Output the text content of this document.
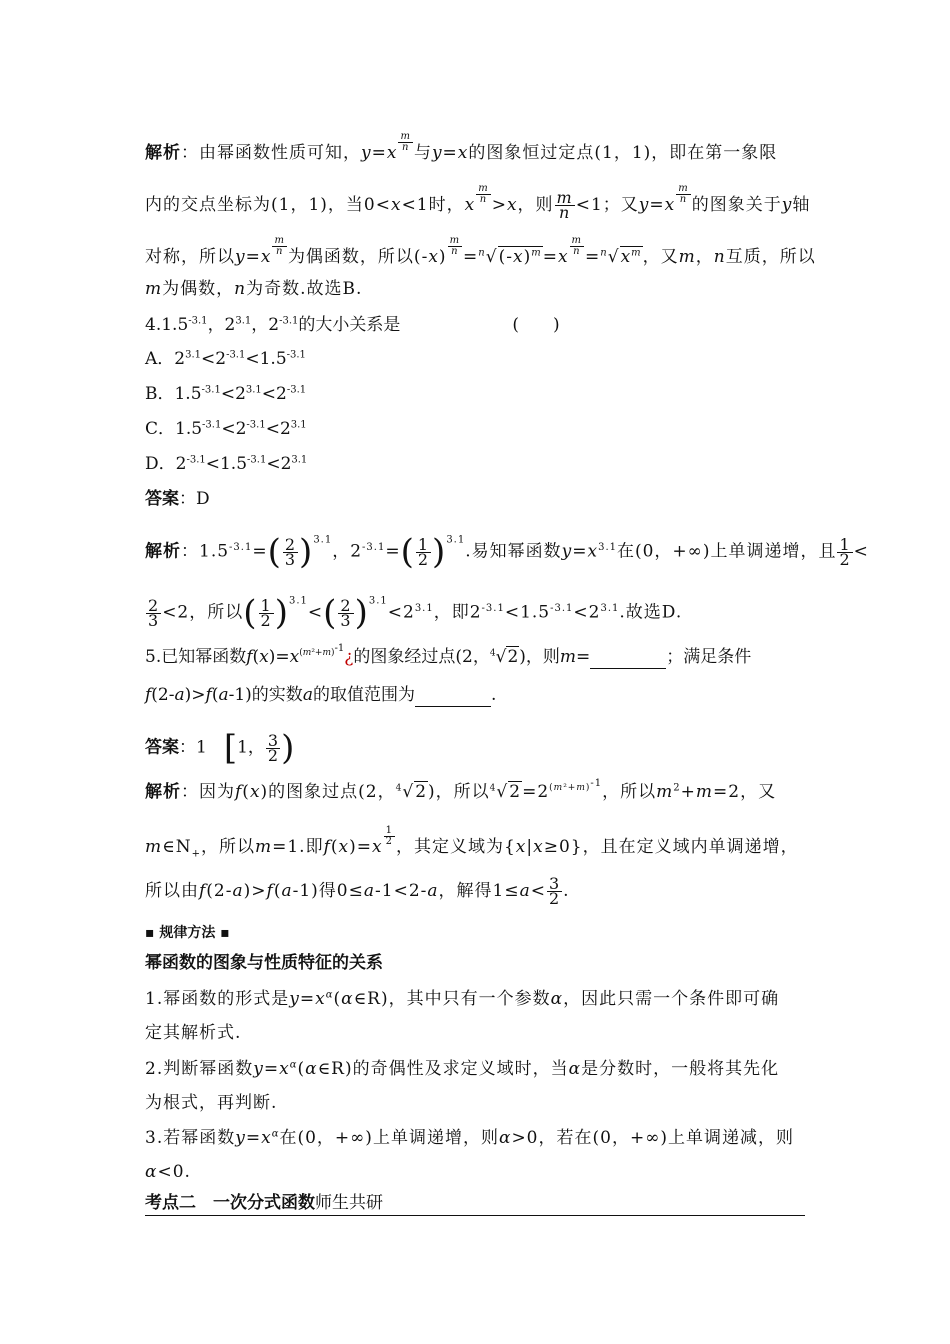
解析：由幂函数性质可知，$y=x \frac{m}{n}$ 与y=x的图象恒过定点(1，1)，即在第一象限
内的交点坐标为(1，1)，当0<x<1时，x $\frac{m}{n} >x$，则 $\frac{m}{n} <1$；又$y=x \frac{m}{n}$ 的图象关于y轴
对称，所以$y=x \frac{m}{n}$ 为偶函数，所以$(-x) \frac{m}{n} =^n√(-x)^m=x \frac{m}{n} =^n√x^m$，又m，n互质，所以
m为偶数，n为奇数.故选B.
$4.1.5^{-3.1}$，$2^{3.1}$，$2^{-3.1}$的大小关系是	(　　)
A．$2^{3.1}<2^{-3.1}<1.5^{-3.1}$
B．$1.5^{-3.1}<2^{3.1}<2^{-3.1}$
C．$1.5^{-3.1}<2^{-3.1}<2^{3.1}$
D．$2^{-3.1}<1.5^{-3.1}<2^{3.1}$
答案：D
解析：$1.5^{-3.1}=( \frac{2}{3} )^{3.1}$，$2^{-3.1}=( \frac{1}{2} )^{3.1}$.易知幂函数$y=x^{3.1}$在(0，+∞)上单调递增，且 $\frac{1}{2}$ <
$\frac{2}{3} <2$，所以( $\frac{1}{2} )^{3.1}<( \frac{2}{3} )^{3.1}<2^{3.1}$，即$2^{-3.1}<1.5^{-3.1}<2^{3.1}$.故选D.
5.已知幂函数$f(x)=x^{(m^2+m)^{-1}}¿$的图象经过点(2，$^4$√2)，则m=	；满足条件
f(2-a)>f(a-1)的实数a的取值范围为	.
答案：1　[1， $\frac{3}{2}$ )
解析：因为f(x)的图象过点(2，$^4$√2)，所以$^4√2=2^{(m^2+m)^{-1}}$，所以$m^2+m=2$，又
$m\in N_+$，所以m=1.即$f(x)=x \frac{1}{2}$ ，其定义域为{x|x≥0}，且在定义域内单调递增，
所以由f(2-a)>f(a-1)得0≤a-1<2-a，解得$1\le a< \frac{3}{2}$ .
▪ 规律方法 ▪
幂函数的图象与性质特征的关系
1.幂函数的形式是$y=x^\alpha(\alpha\in R)$，其中只有一个参数α，因此只需一个条件即可确
定其解析式.
2.判断幂函数$y=x^\alpha(\alpha\in R)$的奇偶性及求定义域时，当α是分数时，一般将其先化
为根式，再判断.
3.若幂函数$y=x^\alpha$在(0，+∞)上单调递增，则α>0，若在(0，+∞)上单调递减，则
α<0.
考点二　一次分式函数师生共研
